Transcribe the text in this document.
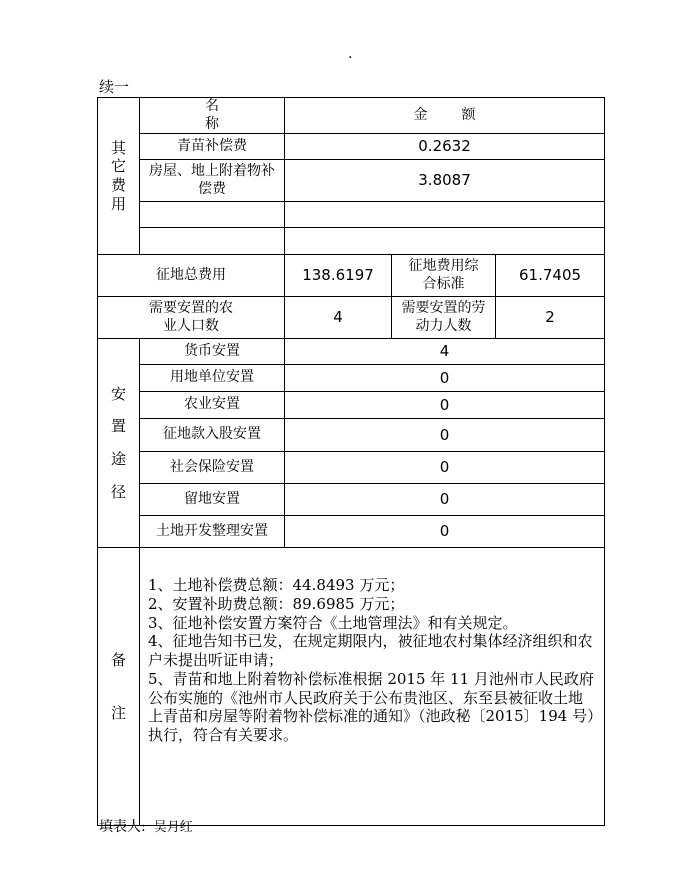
.
续一
其
它
费
用	名称	金额		
	青苗补偿费	0.2632		
	房屋、地上附着物补偿费	3.8087		

征地总费用		138.6197	征地费用综合标准	61.7405
需要安置的农业人口数		4	需要安置的劳动力人数	2

安
置
途
径	货币安置	4		
	用地单位安置	0		
	农业安置	0		
	征地款入股安置	0		
	社会保险安置	0		
	留地安置	0		
	土地开发整理安置	0		

备
注	1、土地补偿费总额：44.8493 万元；
2、安置补助费总额：89.6985 万元；
3、征地补偿安置方案符合《土地管理法》和有关规定。
4、征地告知书已发，在规定期限内，被征地农村集体经济组织和农户未提出听证申请；
5、青苗和地上附着物补偿标准根据 2015 年 11 月池州市人民政府公布实施的《池州市人民政府关于公布贵池区、东至县被征收土地上青苗和房屋等附着物补偿标准的通知》（池政秘〔2015〕194 号）执行，符合有关要求。			
填表人: 吴月红
